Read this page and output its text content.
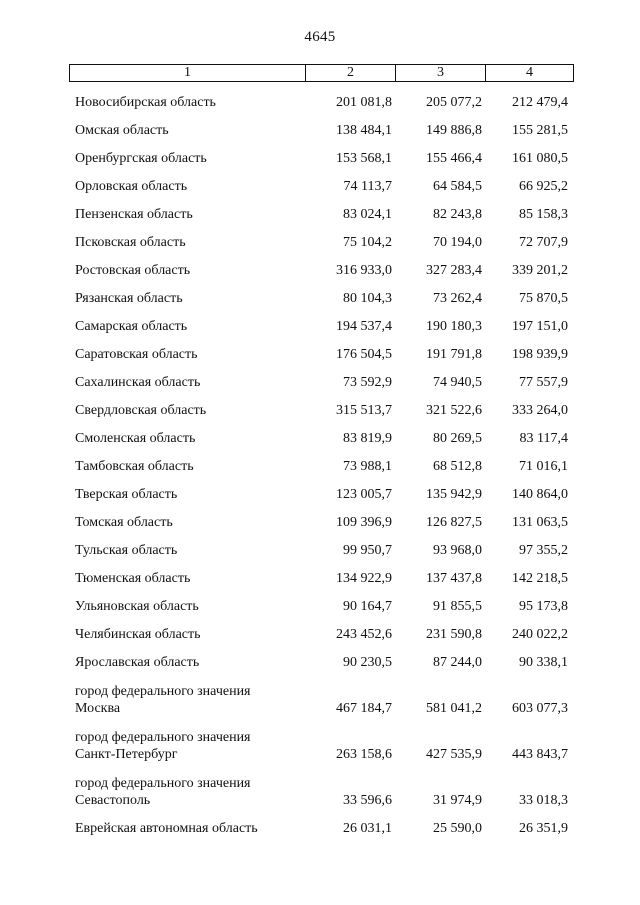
4645
1	2	3	4
Новосибирская область	201 081,8	205 077,2	212 479,4
Омская область	138 484,1	149 886,8	155 281,5
Оренбургская область	153 568,1	155 466,4	161 080,5
Орловская область	74 113,7	64 584,5	66 925,2
Пензенская область	83 024,1	82 243,8	85 158,3
Псковская область	75 104,2	70 194,0	72 707,9
Ростовская область	316 933,0	327 283,4	339 201,2
Рязанская область	80 104,3	73 262,4	75 870,5
Самарская область	194 537,4	190 180,3	197 151,0
Саратовская область	176 504,5	191 791,8	198 939,9
Сахалинская область	73 592,9	74 940,5	77 557,9
Свердловская область	315 513,7	321 522,6	333 264,0
Смоленская область	83 819,9	80 269,5	83 117,4
Тамбовская область	73 988,1	68 512,8	71 016,1
Тверская область	123 005,7	135 942,9	140 864,0
Томская область	109 396,9	126 827,5	131 063,5
Тульская область	99 950,7	93 968,0	97 355,2
Тюменская область	134 922,9	137 437,8	142 218,5
Ульяновская область	90 164,7	91 855,5	95 173,8
Челябинская область	243 452,6	231 590,8	240 022,2
Ярославская область	90 230,5	87 244,0	90 338,1
город федерального значения
Москва	467 184,7	581 041,2	603 077,3
город федерального значения
Санкт-Петербург	263 158,6	427 535,9	443 843,7
город федерального значения
Севастополь	33 596,6	31 974,9	33 018,3
Еврейская автономная область	26 031,1	25 590,0	26 351,9
